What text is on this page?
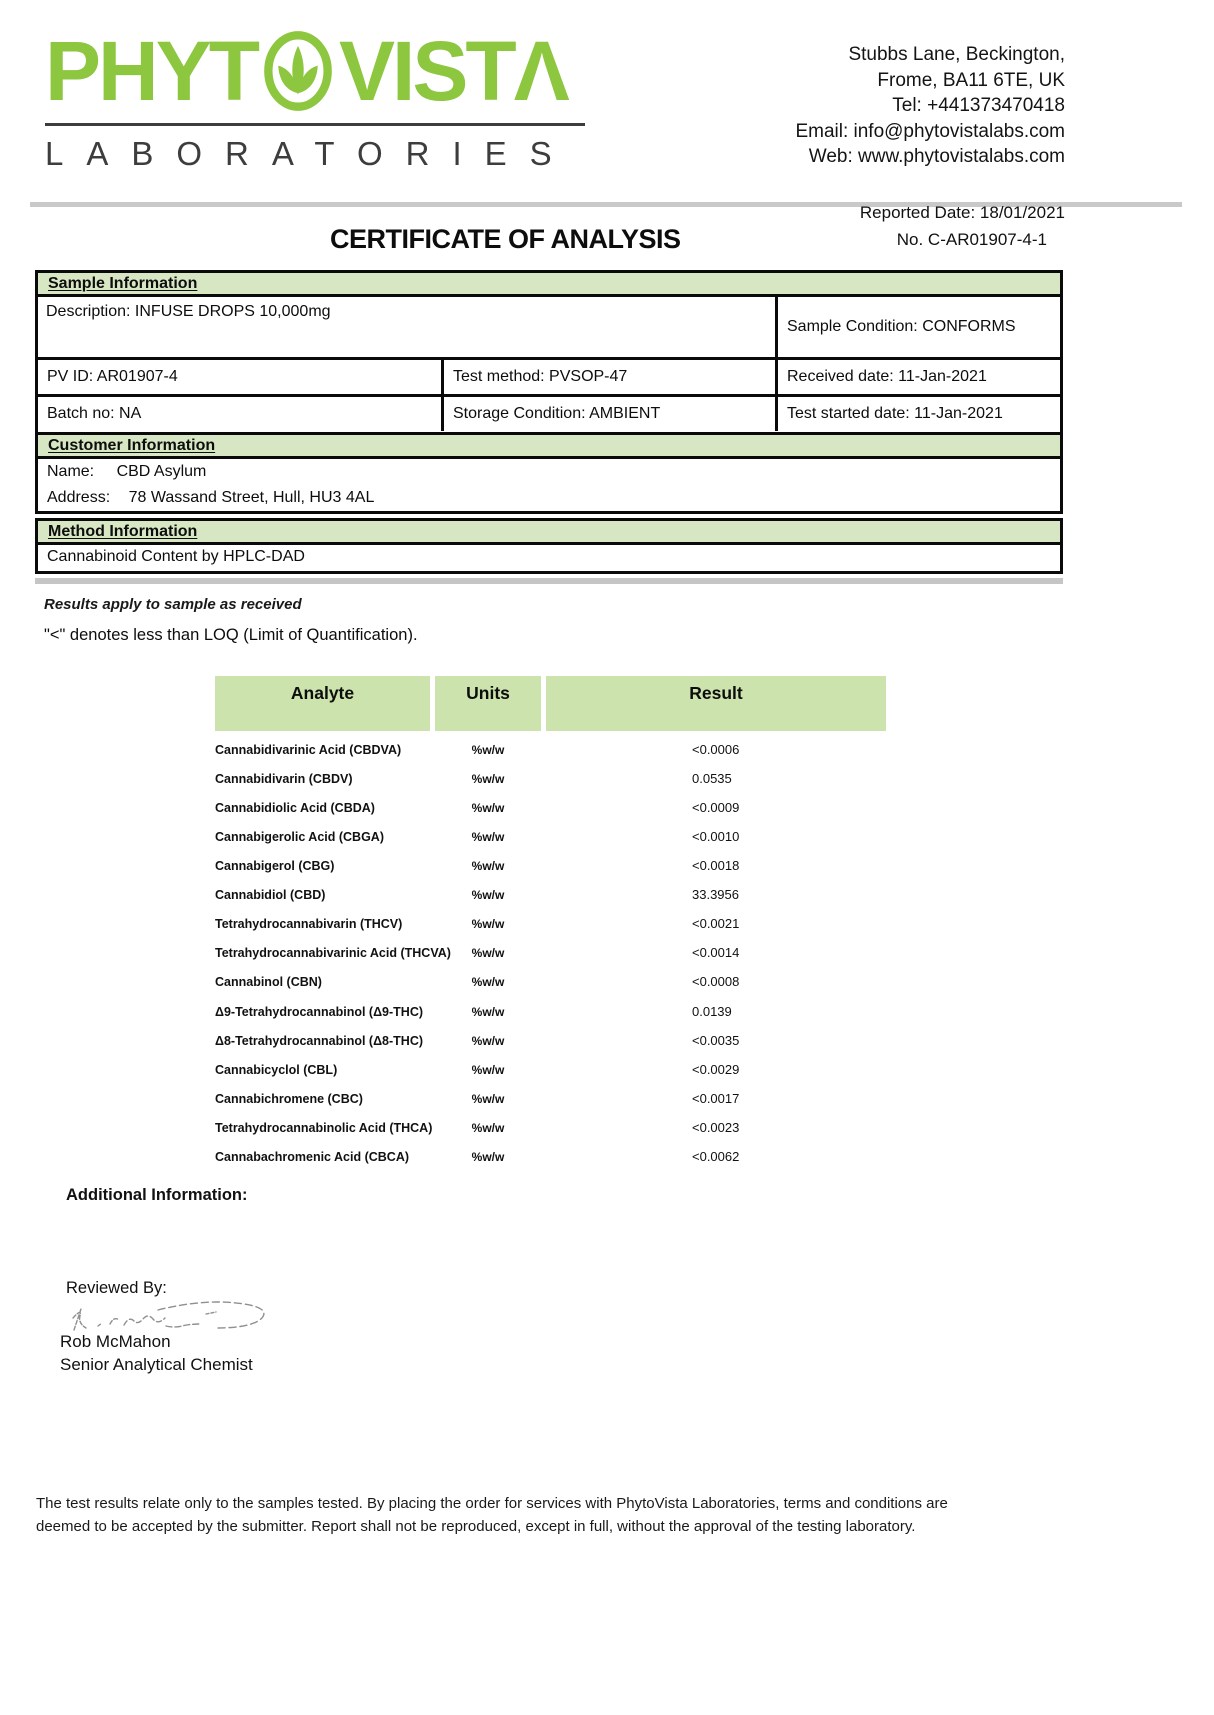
PHYT VISTΛ
LABORATORIES
Stubbs Lane, Beckington,
Frome, BA11 6TE, UK
Tel: +441373470418
Email: info@phytovistalabs.com
Web: www.phytovistalabs.com
CERTIFICATE OF ANALYSIS
Reported Date: 18/01/2021
No. C-AR01907-4-1
Sample Information
Description: INFUSE DROPS 10,000mg
Sample Condition: CONFORMS
PV ID: AR01907-4	Test method: PVSOP-47	Received date: 11-Jan-2021
Batch no: NA	Storage Condition: AMBIENT	Test started date: 11-Jan-2021
Customer Information
Name: CBD Asylum
Address: 78 Wassand Street, Hull, HU3 4AL
Method Information
Cannabinoid Content by HPLC-DAD
Results apply to sample as received
"<" denotes less than LOQ (Limit of Quantification).
Analyte	Units	Result
Cannabidivarinic Acid (CBDVA)	%w/w	<0.0006
Cannabidivarin (CBDV)	%w/w	0.0535
Cannabidiolic Acid (CBDA)	%w/w	<0.0009
Cannabigerolic Acid (CBGA)	%w/w	<0.0010
Cannabigerol (CBG)	%w/w	<0.0018
Cannabidiol (CBD)	%w/w	33.3956
Tetrahydrocannabivarin (THCV)	%w/w	<0.0021
Tetrahydrocannabivarinic Acid (THCVA)	%w/w	<0.0014
Cannabinol (CBN)	%w/w	<0.0008
Δ9-Tetrahydrocannabinol (Δ9-THC)	%w/w	0.0139
Δ8-Tetrahydrocannabinol (Δ8-THC)	%w/w	<0.0035
Cannabicyclol (CBL)	%w/w	<0.0029
Cannabichromene (CBC)	%w/w	<0.0017
Tetrahydrocannabinolic Acid (THCA)	%w/w	<0.0023
Cannabachromenic Acid (CBCA)	%w/w	<0.0062
Additional Information:
Reviewed By:
Rob McMahon
Senior Analytical Chemist
The test results relate only to the samples tested. By placing the order for services with PhytoVista Laboratories, terms and conditions are
deemed to be accepted by the submitter. Report shall not be reproduced, except in full, without the approval of the testing laboratory.
